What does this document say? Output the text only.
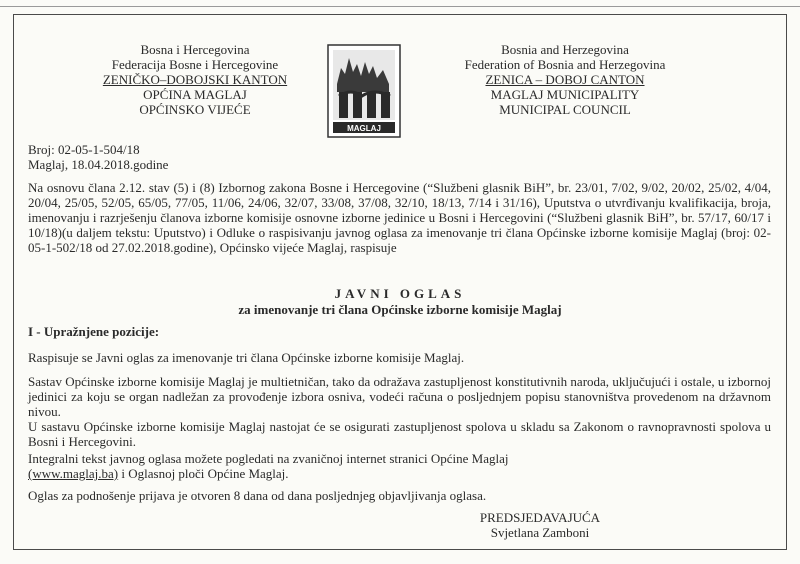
Bosna i Hercegovina
Federacija Bosne i Hercegovine
ZENIČKO–DOBOJSKI KANTON
OPĆINA MAGLAJ
OPĆINSKO VIJEĆE
MAGLAJ
Bosnia and Herzegovina
Federation of Bosnia and Herzegovina
ZENICA – DOBOJ CANTON
MAGLAJ MUNICIPALITY
MUNICIPAL COUNCIL
Broj: 02-05-1-504/18
Maglaj, 18.04.2018.godine
Na osnovu člana 2.12. stav (5) i (8) Izbornog zakona Bosne i Hercegovine (“Službeni glasnik BiH”, br. 23/01, 7/02, 9/02, 20/02, 25/02, 4/04, 20/04, 25/05, 52/05, 65/05, 77/05, 11/06, 24/06, 32/07, 33/08, 37/08, 32/10, 18/13, 7/14 i 31/16), Uputstva o utvrđivanju kvalifikacija, broja, imenovanju i razrješenju članova izborne komisije osnovne izborne jedinice u Bosni i Hercegovini (“Službeni glasnik BiH”, br. 57/17, 60/17 i 10/18)(u daljem tekstu: Uputstvo) i Odluke o raspisivanju javnog oglasa za imenovanje tri člana Općinske izborne komisije Maglaj (broj: 02-05-1-502/18 od 27.02.2018.godine), Općinsko vijeće Maglaj, raspisuje
JAVNI OGLAS
za imenovanje tri člana Općinske izborne komisije Maglaj
I - Upražnjene pozicije:
Raspisuje se Javni oglas za imenovanje tri člana Općinske izborne komisije Maglaj.
Sastav Općinske izborne komisije Maglaj je multietničan, tako da odražava zastupljenost konstitutivnih naroda, uključujući i ostale, u izbornoj jedinici za koju se organ nadležan za provođenje izbora osniva, vodeći računa o posljednjem popisu stanovništva provedenom na državnom nivou.
U sastavu Općinske izborne komisije Maglaj nastojat će se osigurati zastupljenost spolova u skladu sa Zakonom o ravnopravnosti spolova u Bosni i Hercegovini.
Integralni tekst javnog oglasa možete pogledati na zvaničnoj internet stranici Općine Maglaj
(www.maglaj.ba) i Oglasnoj ploči Općine Maglaj.
Oglas za podnošenje prijava je otvoren 8 dana od dana posljednjeg objavljivanja oglasa.
PREDSJEDAVAJUĆA
Svjetlana Zamboni
